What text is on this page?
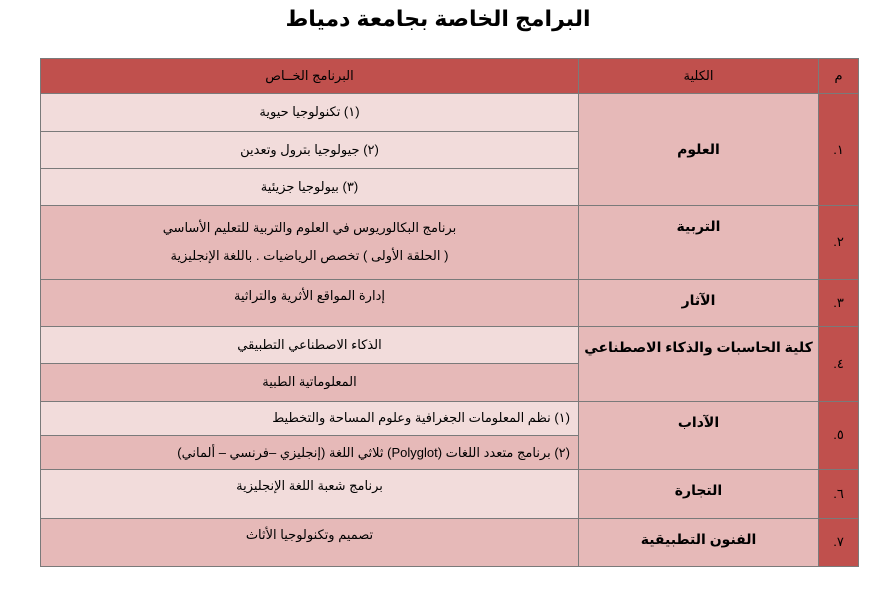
البرامج الخاصة بجامعة دمياط
م	الكلية	البرنامج الخــاص
١.	العلوم	(١) تكنولوجيا حيوية
		(٢) جيولوجيا بترول وتعدين
		(٣) بيولوجيا جزيئية
٢.	التربية	برنامج البكالوريوس في العلوم والتربية للتعليم الأساسي
( الحلقة الأولى ) تخصص الرياضيات . باللغة الإنجليزية

٣.	الآثار	إدارة المواقع الأثرية والتراثية
٤.	كلية الحاسبات والذكاء الاصطناعي	الذكاء الاصطناعي التطبيقي
		المعلوماتية الطبية
٥.	الآداب	(١) نظم المعلومات الجغرافية وعلوم المساحة والتخطيط
		(٢) برنامج متعدد اللغات (Polyglot) ثلاثي اللغة (إنجليزي –فرنسي – ألماني)
٦.	التجارة	برنامج شعبة اللغة الإنجليزية
٧.	الفنون التطبيقية	تصميم وتكنولوجيا الأثاث
